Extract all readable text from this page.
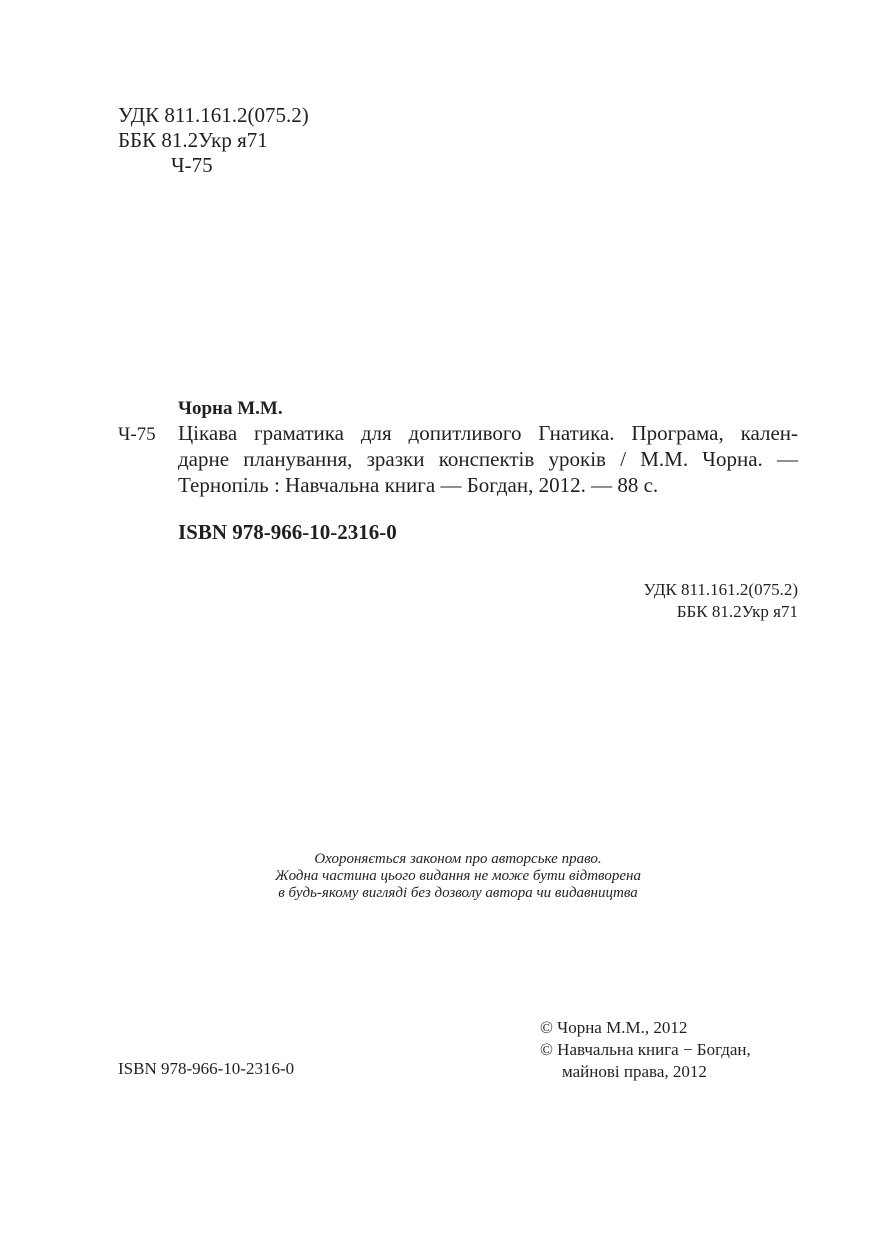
УДК 811.161.2(075.2)
ББК 81.2Укр я71
Ч-75
Чорна М.М.
Ч-75 Цікава граматика для допитливого Гнатика. Програма, кален-
дарне планування, зразки конспектів уроків / М.М. Чорна. —
Тернопіль : Навчальна книга — Богдан, 2012. — 88 с.
ISBN 978-966-10-2316-0
УДК 811.161.2(075.2)
ББК 81.2Укр я71
Охороняється законом про авторське право.
Жодна частина цього видання не може бути відтворена
в будь-якому вигляді без дозволу автора чи видавництва
© Чорна М.М., 2012
© Навчальна книга − Богдан,
майнові права, 2012
ISBN 978-966-10-2316-0
